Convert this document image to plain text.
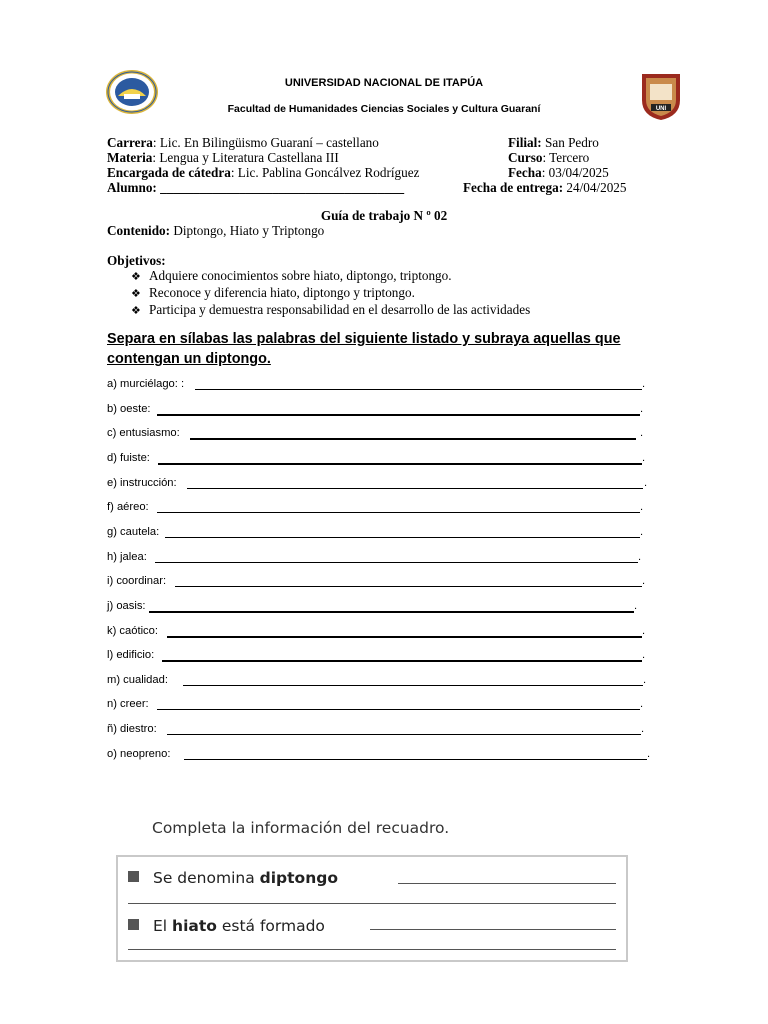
UNI
UNIVERSIDAD NACIONAL DE ITAPÚA
Facultad de Humanidades Ciencias Sociales y Cultura Guaraní
Carrera: Lic. En Bilingüismo Guaraní – castellano
Materia: Lengua y Literatura Castellana III
Encargada de cátedra: Lic. Pablina Goncálvez Rodríguez
Alumno: _____________________________________
Filial: San Pedro
Curso: Tercero
Fecha: 03/04/2025
Fecha de entrega: 24/04/2025
Guía de trabajo N º 02
Contenido: Diptongo, Hiato y Triptongo
Objetivos:
❖ Adquiere conocimientos sobre hiato, diptongo, triptongo.
❖ Reconoce y diferencia hiato, diptongo y triptongo.
❖ Participa y demuestra responsabilidad en el desarrollo de las actividades
Separa en sílabas las palabras del siguiente listado y subraya aquellas que contengan un diptongo.
a) murciélago: :	.
b) oeste:	.
c) entusiasmo:	.
d) fuiste:	.
e) instrucción:	.
f) aéreo:	.
g) cautela:	.
h) jalea:	.
i) coordinar:	.
j) oasis:	.
k) caótico:	.
l) edificio:	.
m) cualidad:	.
n) creer:	.
ñ) diestro:	.
o) neopreno:	.
Completa la información del recuadro.
Se denomina diptongo
El hiato está formado
